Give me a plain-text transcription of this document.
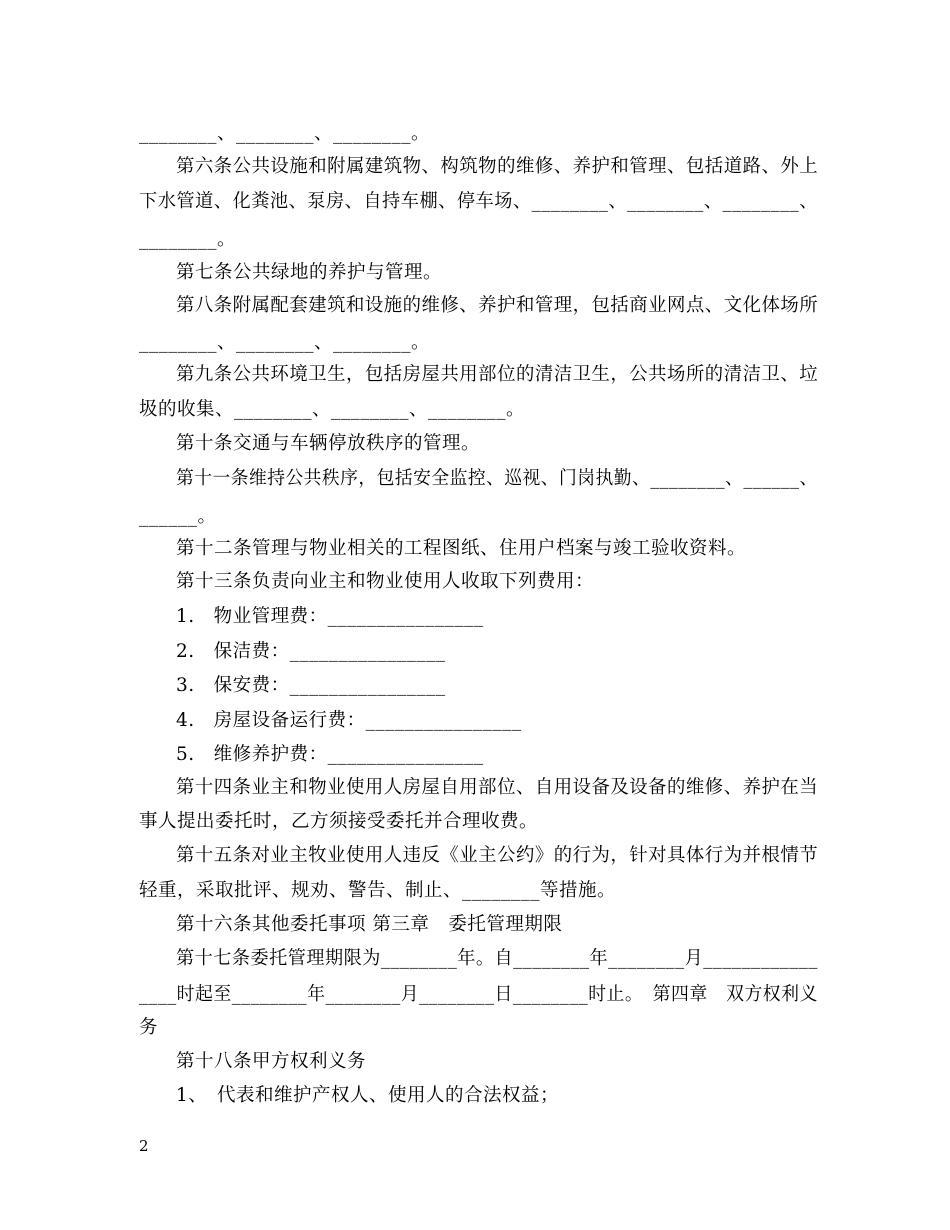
________、________、________。
第六条公共设施和附属建筑物、构筑物的维修、养护和管理、包括道路、外上
下水管道、化粪池、泵房、自持车棚、停车场、________、________、________、
________。
第七条公共绿地的养护与管理。
第八条附属配套建筑和设施的维修、养护和管理，包括商业网点、文化体场所
________、________、________。
第九条公共环境卫生，包括房屋共用部位的清洁卫生，公共场所的清洁卫、垃
圾的收集、________、________、________。
第十条交通与车辆停放秩序的管理。
第十一条维持公共秩序，包括安全监控、巡视、门岗执勤、________、______、
______。
第十二条管理与物业相关的工程图纸、住用户档案与竣工验收资料。
第十三条负责向业主和物业使用人收取下列费用：
1.　物业管理费：________________
2.　保洁费：________________
3.　保安费：________________
4.　房屋设备运行费：________________
5.　维修养护费：________________
第十四条业主和物业使用人房屋自用部位、自用设备及设备的维修、养护在当
事人提出委托时，乙方须接受委托并合理收费。
第十五条对业主牧业使用人违反《业主公约》的行为，针对具体行为并根情节
轻重，采取批评、规劝、警告、制止、________等措施。
第十六条其他委托事项 第三章　委托管理期限
第十七条委托管理期限为________年。自________年________月____________
____时起至________年________月________日________时止。　第四章　双方权利义
务
第十八条甲方权利义务
1、　代表和维护产权人、使用人的合法权益；
2
